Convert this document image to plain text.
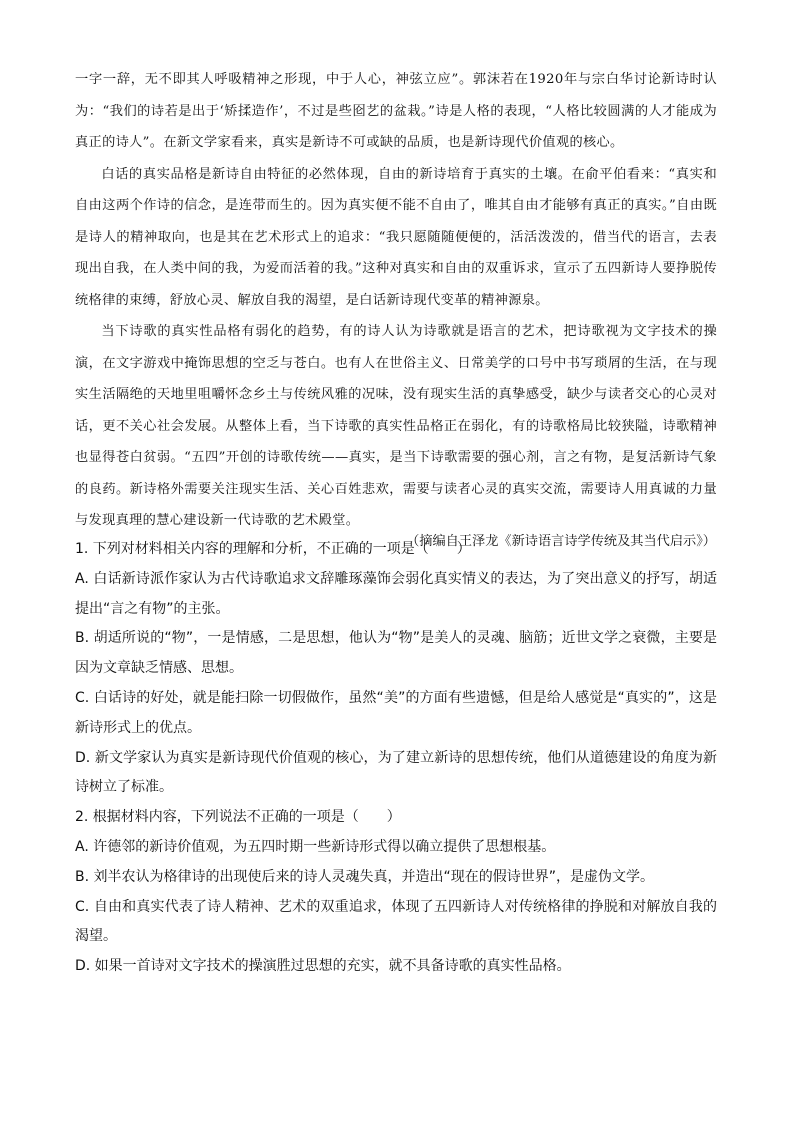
一字一辞，无不即其人呼吸精神之形现，中于人心，神弦立应”。郭沫若在1920年与宗白华讨论新诗时认为：“我们的诗若是出于‘矫揉造作’，不过是些囵艺的盆栽。”诗是人格的表现，“人格比较圆满的人才能成为真正的诗人”。在新文学家看来，真实是新诗不可或缺的品质，也是新诗现代价值观的核心。

白话的真实品格是新诗自由特征的必然体现，自由的新诗培育于真实的土壤。在俞平伯看来：“真实和自由这两个作诗的信念，是连带而生的。因为真实便不能不自由了，唯其自由才能够有真正的真实。”自由既是诗人的精神取向，也是其在艺术形式上的追求：“我只愿随随便便的，活活泼泼的，借当代的语言，去表现出自我，在人类中间的我，为爱而活着的我。”这种对真实和自由的双重诉求，宣示了五四新诗人要挣脱传统格律的束缚，舒放心灵、解放自我的渴望，是白话新诗现代变革的精神源泉。

当下诗歌的真实性品格有弱化的趋势，有的诗人认为诗歌就是语言的艺术，把诗歌视为文字技术的操演，在文字游戏中掩饰思想的空乏与苍白。也有人在世俗主义、日常美学的口号中书写琐屑的生活，在与现实生活隔绝的天地里咀嚼怀念乡土与传统风雅的况味，没有现实生活的真挚感受，缺少与读者交心的心灵对话，更不关心社会发展。从整体上看，当下诗歌的真实性品格正在弱化，有的诗歌格局比较狭隘，诗歌精神也显得苍白贫弱。“五四”开创的诗歌传统——真实，是当下诗歌需要的强心剂，言之有物，是复活新诗气象的良药。新诗格外需要关注现实生活、关心百姓悲欢，需要与读者心灵的真实交流，需要诗人用真诚的力量与发现真理的慧心建设新一代诗歌的艺术殿堂。

（摘编自王泽龙《新诗语言诗学传统及其当代启示》）

1. 下列对材料相关内容的理解和分析，不正确的一项是（　　）

A. 白话新诗派作家认为古代诗歌追求文辞雕琢藻饰会弱化真实情义的表达，为了突出意义的抒写，胡适提出“言之有物”的主张。

B. 胡适所说的“物”，一是情感，二是思想，他认为“物”是美人的灵魂、脑筋；近世文学之衰微，主要是因为文章缺乏情感、思想。

C. 白话诗的好处，就是能扫除一切假做作，虽然“美”的方面有些遗憾，但是给人感觉是“真实的”，这是新诗形式上的优点。

D. 新文学家认为真实是新诗现代价值观的核心，为了建立新诗的思想传统，他们从道德建设的角度为新诗树立了标准。

2. 根据材料内容，下列说法不正确的一项是（　　）

A. 许德邻的新诗价值观，为五四时期一些新诗形式得以确立提供了思想根基。

B. 刘半农认为格律诗的出现使后来的诗人灵魂失真，并造出“现在的假诗世界”，是虚伪文学。

C. 自由和真实代表了诗人精神、艺术的双重追求，体现了五四新诗人对传统格律的挣脱和对解放自我的渴望。

D. 如果一首诗对文字技术的操演胜过思想的充实，就不具备诗歌的真实性品格。
